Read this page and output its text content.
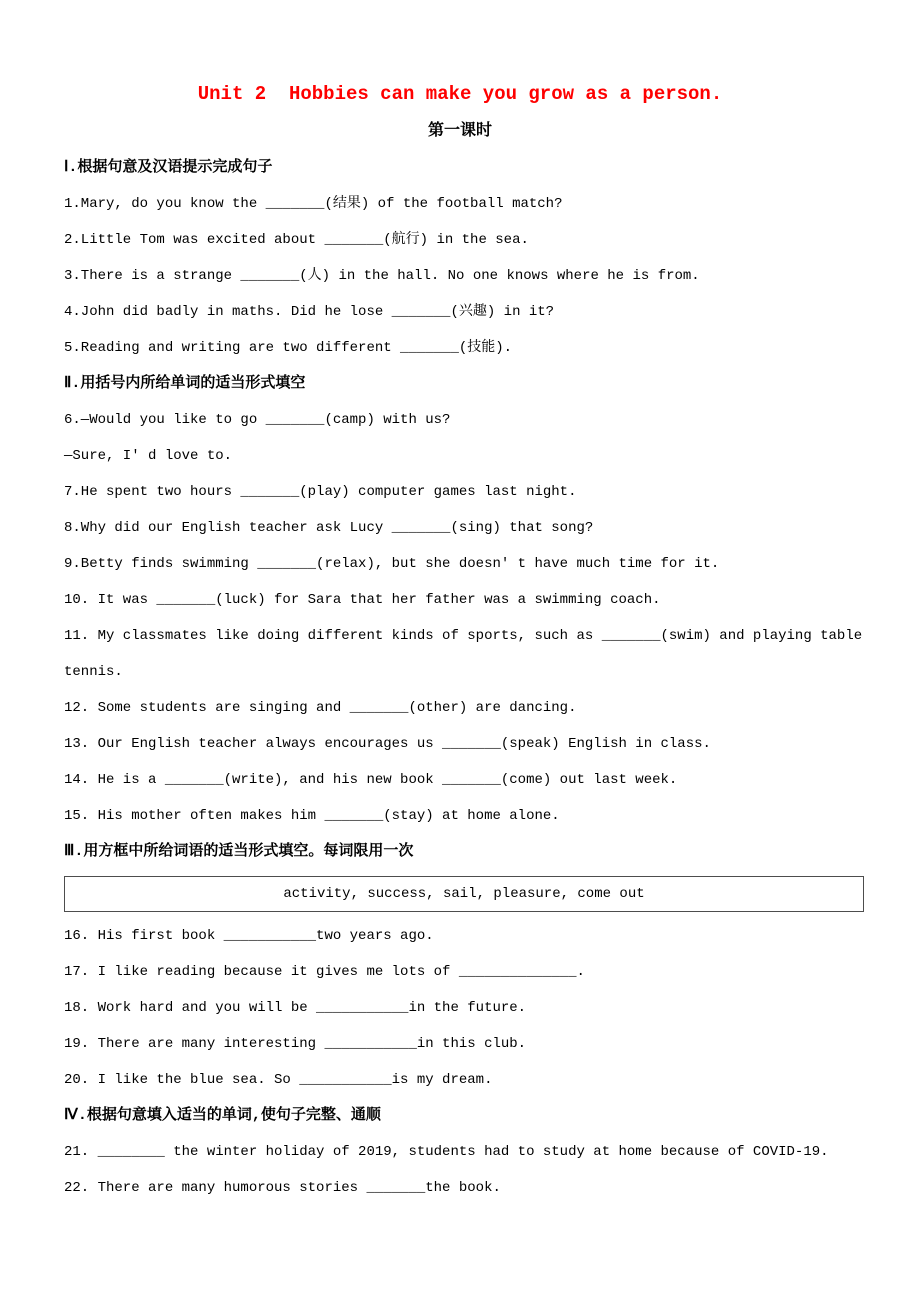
Unit 2  Hobbies can make you grow as a person.
第一课时
Ⅰ.根据句意及汉语提示完成句子
1.Mary, do you know the _______(结果) of the football match?
2.Little Tom was excited about _______(航行) in the sea.
3.There is a strange _______(人) in the hall. No one knows where he is from.
4.John did badly in maths. Did he lose _______(兴趣) in it?
5.Reading and writing are two different _______(技能).
Ⅱ.用括号内所给单词的适当形式填空
6.—Would you like to go _______(camp) with us?
—Sure, I' d love to.
7.He spent two hours _______(play) computer games last night.
8.Why did our English teacher ask Lucy _______(sing) that song?
9.Betty finds swimming _______(relax), but she doesn' t have much time for it.
10. It was _______(luck) for Sara that her father was a swimming coach.
11. My classmates like doing different kinds of sports, such as _______(swim) and playing table tennis.
12. Some students are singing and _______(other) are dancing.
13. Our English teacher always encourages us _______(speak) English in class.
14. He is a _______(write), and his new book _______(come) out last week.
15. His mother often makes him _______(stay) at home alone.
Ⅲ.用方框中所给词语的适当形式填空。每词限用一次
activity, success, sail, pleasure, come out
16. His first book ___________two years ago.
17. I like reading because it gives me lots of ______________.
18. Work hard and you will be ___________in the future.
19. There are many interesting ___________in this club.
20. I like the blue sea. So ___________is my dream.
Ⅳ.根据句意填入适当的单词,使句子完整、通顺
21. ________ the winter holiday of 2019, students had to study at home because of COVID-19.
22. There are many humorous stories _______the book.
